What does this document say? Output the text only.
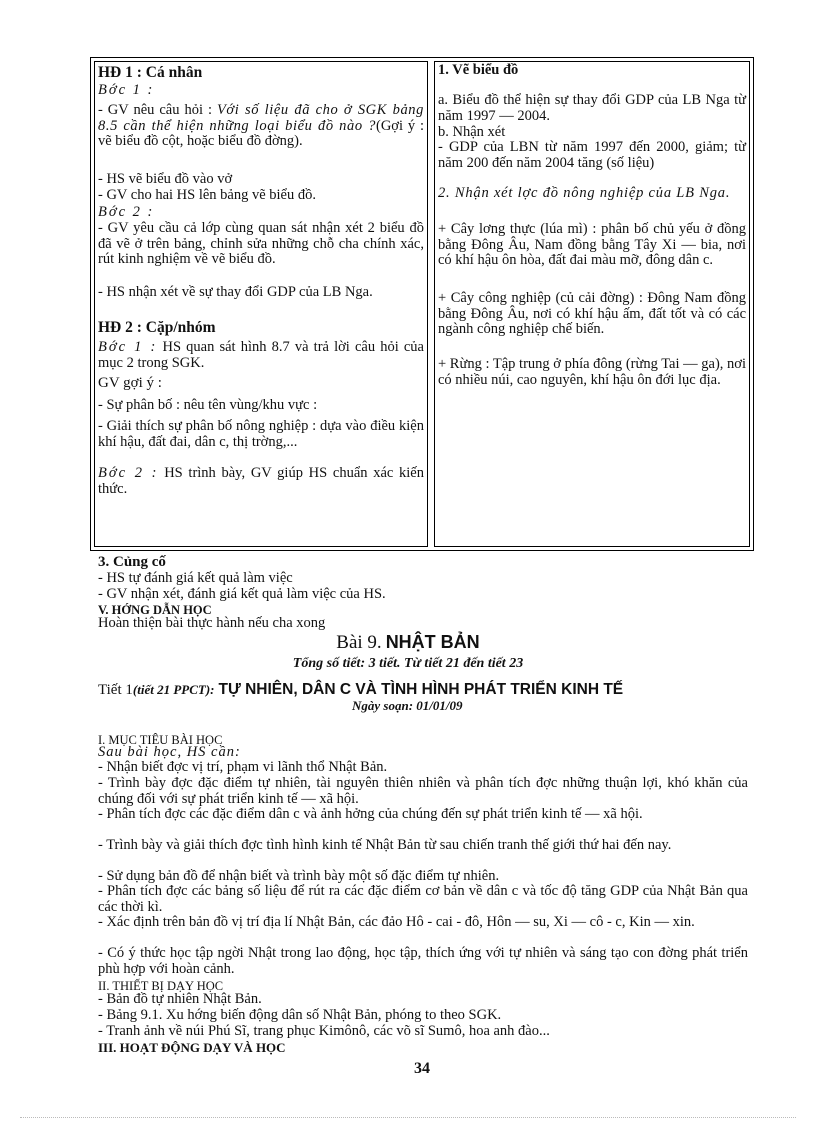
HĐ 1 : Cá nhân
Bớc 1 :
- GV nêu câu hỏi : Với số liệu đã cho ở SGK bảng 8.5 cần thể hiện những loại biểu đồ nào ?(Gợi ý : vẽ biểu đồ cột, hoặc biểu đồ đờng).
- HS vẽ biểu đồ vào vở
- GV cho hai HS lên bảng vẽ biểu đồ.
Bớc 2 :
- GV yêu cầu cả lớp cùng quan sát nhận xét 2 biểu đồ đã vẽ ở trên bảng, chỉnh sửa những chỗ cha chính xác, rút kinh nghiệm về vẽ biểu đồ.
- HS nhận xét về sự thay đổi GDP của LB Nga.
HĐ 2 : Cặp/nhóm
Bớc 1 : HS quan sát hình 8.7 và trả lời câu hỏi của mục 2 trong SGK.
GV gợi ý :
- Sự phân bố : nêu tên vùng/khu vực :
- Giải thích sự phân bố nông nghiệp : dựa vào điều kiện khí hậu, đất đai, dân c, thị trờng,...
Bớc 2 : HS trình bày, GV giúp HS chuẩn xác kiến thức.
1. Vẽ biểu đồ
a. Biểu đồ thể hiện sự thay đổi GDP của LB Nga từ năm 1997 — 2004.
b. Nhận xét
- GDP của LBN từ năm 1997 đến 2000, giảm; từ năm 200 đến năm 2004 tăng (số liệu)
2. Nhận xét lợc đồ nông nghiệp của LB Nga.
+ Cây lơng thực (lúa mì) : phân bố chủ yếu ở đồng bằng Đông Âu, Nam đồng bằng Tây Xi — bia, nơi có khí hậu ôn hòa, đất đai màu mỡ, đông dân c.
+ Cây công nghiệp (củ cải đờng) : Đông Nam đồng bằng Đông Âu, nơi có khí hậu ấm, đất tốt và có các ngành công nghiệp chế biến.
+ Rừng : Tập trung ở phía đông (rừng Tai — ga), nơi có nhiều núi, cao nguyên, khí hậu ôn đới lục địa.
3. Củng cố
- HS tự đánh giá kết quả làm việc
- GV nhận xét, đánh giá kết quả làm việc của HS.
V. HỚNG DẪN HỌC
Hoàn thiện bài thực hành nếu cha xong
Bài 9. NHẬT BẢN
Tổng số tiết: 3 tiết. Từ tiết 21 đến tiết 23
Tiết 1(tiết 21 PPCT): TỰ NHIÊN, DÂN C VÀ TÌNH HÌNH PHÁT TRIỂN KINH TẾ
Ngày soạn: 01/01/09
I. MỤC TIÊU BÀI HỌC
Sau bài học, HS cần:
- Nhận biết đợc vị trí, phạm vi lãnh thổ Nhật Bản.
- Trình bày đợc đặc điểm tự nhiên, tài nguyên thiên nhiên và phân tích đợc những thuận lợi, khó khăn của chúng đối với sự phát triển kinh tế — xã hội.
- Phân tích đợc các đặc điểm dân c và ảnh hởng của chúng đến sự phát triển kinh tế — xã hội.
- Trình bày và giải thích đợc tình hình kinh tế Nhật Bản từ sau chiến tranh thế giới thứ hai đến nay.
- Sử dụng bản đồ để nhận biết và trình bày một số đặc điểm tự nhiên.
- Phân tích đợc các bảng số liệu để rút ra các đặc điểm cơ bản về dân c và tốc độ tăng GDP của Nhật Bản qua các thời kì.
- Xác định trên bản đồ vị trí địa lí Nhật Bản, các đảo Hô - cai - đô, Hôn — su, Xi — cô - c, Kin — xin.
- Có ý thức học tập ngời Nhật trong lao động, học tập, thích ứng với tự nhiên và sáng tạo con đờng phát triển phù hợp với hoàn cảnh.
II. THIẾT BỊ DẠY HỌC
- Bản đồ tự nhiên Nhật Bản.
- Bảng 9.1. Xu hớng biến động dân số Nhật Bản, phóng to theo SGK.
- Tranh ảnh về núi Phú Sĩ, trang phục Kimônô, các võ sĩ Sumô, hoa anh đào...
III. HOẠT ĐỘNG DẠY VÀ HỌC
34
